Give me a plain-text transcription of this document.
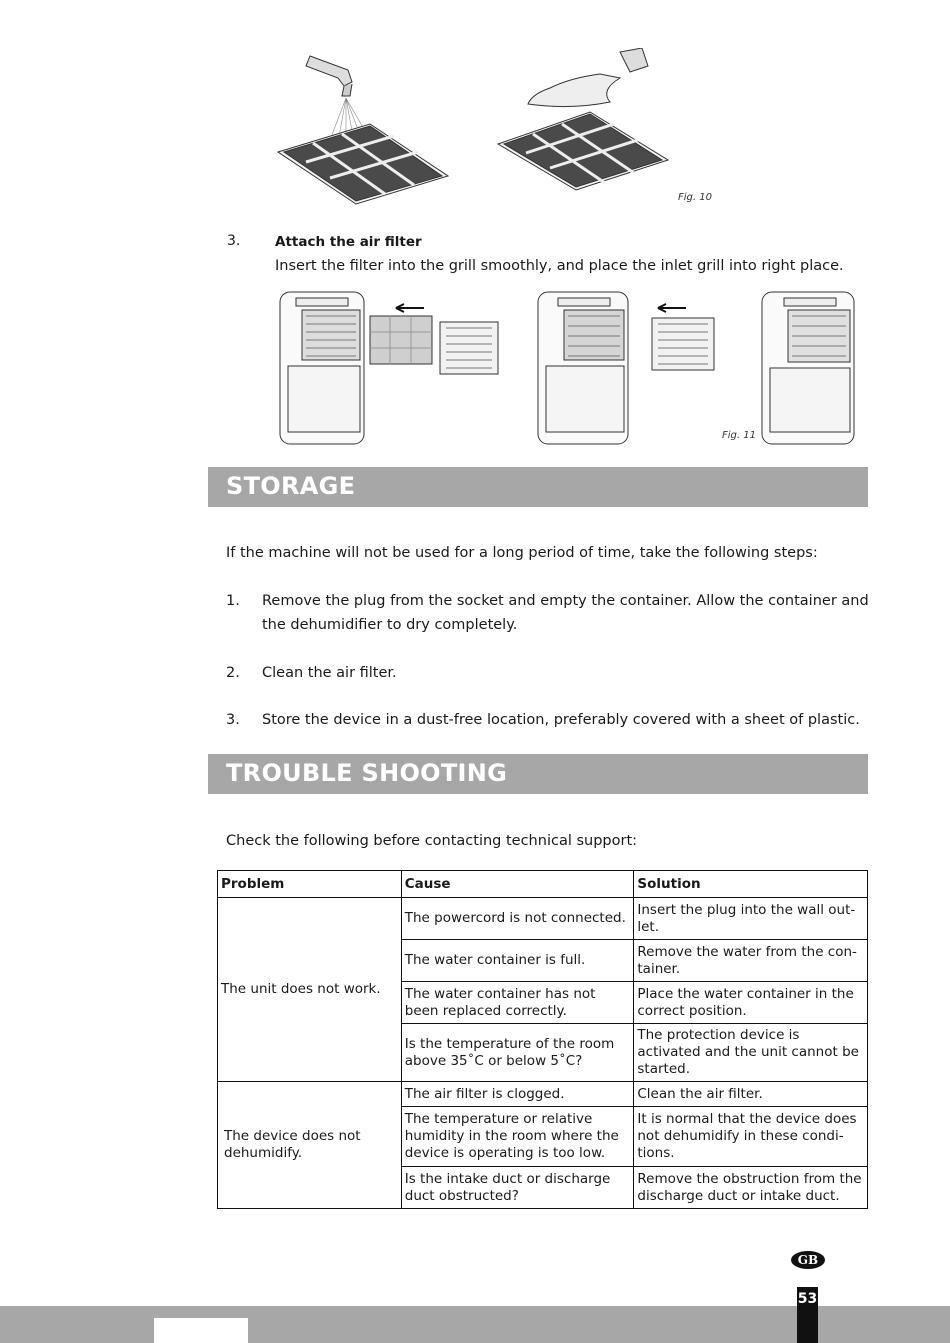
Fig. 10
3.	Attach the air filter
Insert the filter into the grill smoothly, and place the inlet grill into right place.
Fig. 11
STORAGE
If the machine will not be used for a long period of time, take the following steps:
1. Remove the plug from the socket and empty the container. Allow the container and
the dehumidifier to dry completely.
2. Clean the air filter.
3. Store the device in a dust-free location, preferably covered with a sheet of plastic.
TROUBLE SHOOTING
Check the following before contacting technical support:
Problem	Cause	Solution
The unit does not work.	The powercord is not connected.	Insert the plug into the wall out-let.
	The water container is full.	Remove the water from the con-tainer.
	The water container has not been replaced correctly.	Place the water container in the correct position.
	Is the temperature of the room above 35˚C or below 5˚C?	The protection device is activated and the unit cannot be started.
The device does not dehumidify.	The air filter is clogged.	Clean the air filter.
	The temperature or relative humidity in the room where the device is operating is too low.	It is normal that the device does not dehumidify in these condi-tions.
	Is the intake duct or discharge duct obstructed?	Remove the obstruction from the discharge duct or intake duct.
GB
53
